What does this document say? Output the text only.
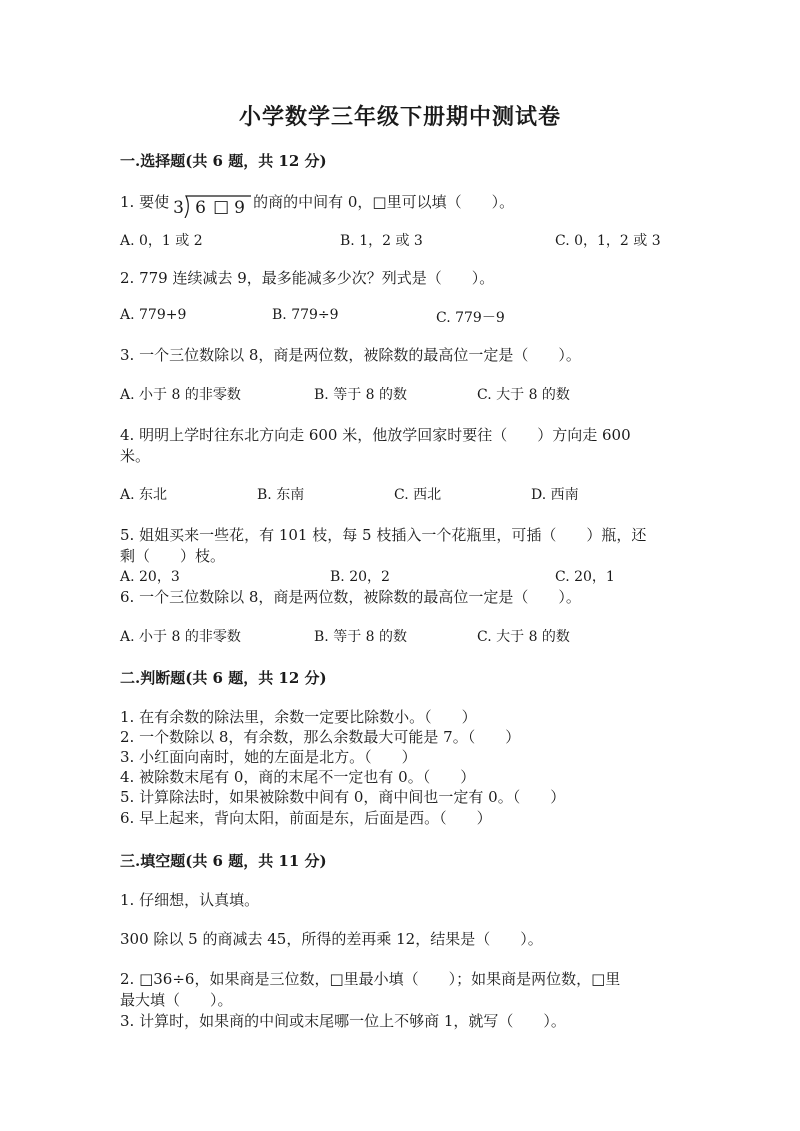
小学数学三年级下册期中测试卷
一.选择题(共 6 题，共 12 分)
1. 要使 3 6 □ 9 的商的中间有 0，□里可以填（　　）。
A. 0，1 或 2	B. 1，2 或 3	C. 0，1，2 或 3
2. 779 连续减去 9，最多能减多少次？列式是（　　）。
A. 779+9	B. 779÷9	C. 779－9
3. 一个三位数除以 8，商是两位数，被除数的最高位一定是（　　）。
A. 小于 8 的非零数	B. 等于 8 的数	C. 大于 8 的数
4. 明明上学时往东北方向走 600 米，他放学回家时要往（　　）方向走 600
米。
A. 东北	B. 东南	C. 西北	D. 西南
5. 姐姐买来一些花，有 101 枝，每 5 枝插入一个花瓶里，可插（　　）瓶，还
剩（　　）枝。
A. 20，3	B. 20，2	C. 20，1
6. 一个三位数除以 8，商是两位数，被除数的最高位一定是（　　）。
A. 小于 8 的非零数	B. 等于 8 的数	C. 大于 8 的数
二.判断题(共 6 题，共 12 分)
1. 在有余数的除法里，余数一定要比除数小。（　　）
2. 一个数除以 8，有余数，那么余数最大可能是 7。（　　）
3. 小红面向南时，她的左面是北方。（　　）
4. 被除数末尾有 0，商的末尾不一定也有 0。（　　）
5. 计算除法时，如果被除数中间有 0，商中间也一定有 0。（　　）
6. 早上起来，背向太阳，前面是东，后面是西。（　　）
三.填空题(共 6 题，共 11 分)
1. 仔细想，认真填。
300 除以 5 的商减去 45，所得的差再乘 12，结果是（　　）。
2. □36÷6，如果商是三位数，□里最小填（　　）；如果商是两位数，□里
最大填（　　）。
3. 计算时，如果商的中间或末尾哪一位上不够商 1，就写（　　）。
